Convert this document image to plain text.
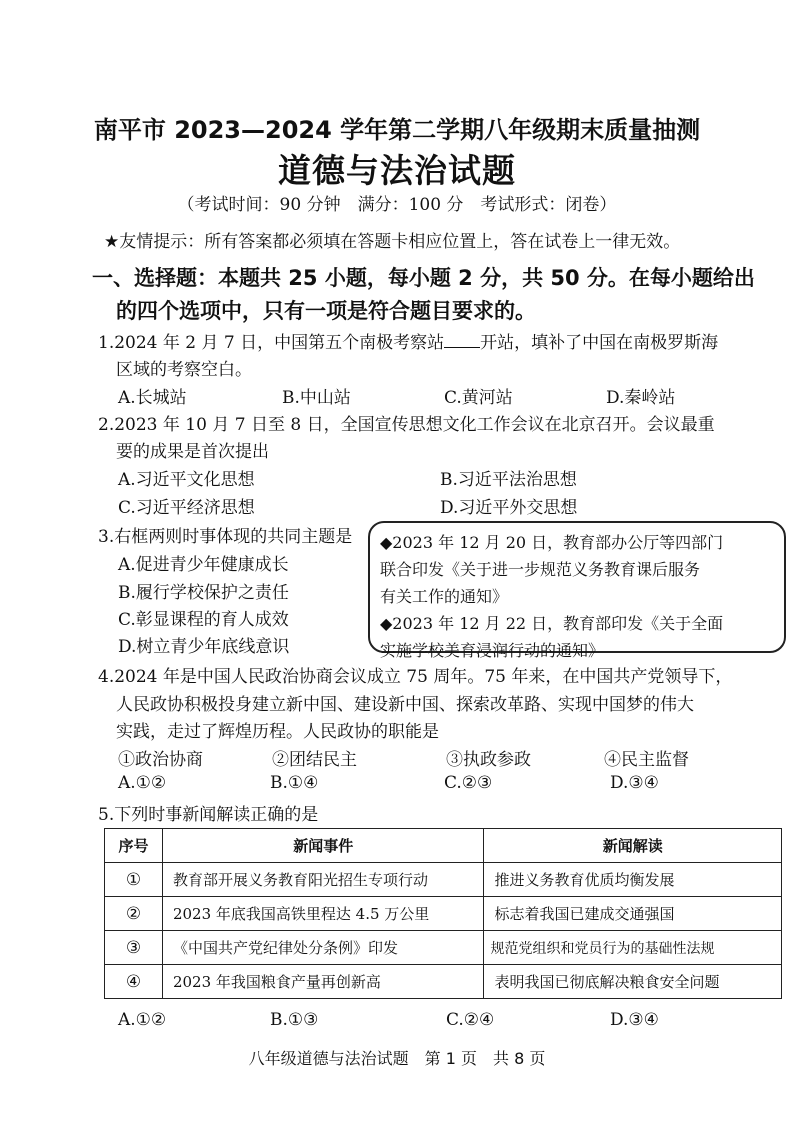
南平市 2023—2024 学年第二学期八年级期末质量抽测
道德与法治试题
（考试时间：90 分钟　满分：100 分　考试形式：闭卷）
★友情提示：所有答案都必须填在答题卡相应位置上，答在试卷上一律无效。
一、选择题：本题共 25 小题，每小题 2 分，共 50 分。在每小题给出
的四个选项中，只有一项是符合题目要求的。
1.2024 年 2 月 7 日，中国第五个南极考察站 开站，填补了中国在南极罗斯海
区域的考察空白。
A.长城站	B.中山站	C.黄河站	D.秦岭站
2.2023 年 10 月 7 日至 8 日，全国宣传思想文化工作会议在北京召开。会议最重
要的成果是首次提出
A.习近平文化思想	B.习近平法治思想
C.习近平经济思想	D.习近平外交思想
3.右框两则时事体现的共同主题是
A.促进青少年健康成长
B.履行学校保护之责任
C.彰显课程的育人成效
D.树立青少年底线意识
◆2023 年 12 月 20 日，教育部办公厅等四部门
联合印发《关于进一步规范义务教育课后服务
有关工作的通知》
◆2023 年 12 月 22 日，教育部印发《关于全面
实施学校美育浸润行动的通知》
4.2024 年是中国人民政治协商会议成立 75 周年。75 年来，在中国共产党领导下，
人民政协积极投身建立新中国、建设新中国、探索改革路、实现中国梦的伟大
实践，走过了辉煌历程。人民政协的职能是
①政治协商	②团结民主	③执政参政	④民主监督
A.①②	B.①④	C.②③	D.③④
5.下列时事新闻解读正确的是
序号	新闻事件	新闻解读
①	教育部开展义务教育阳光招生专项行动	推进义务教育优质均衡发展
②	2023 年底我国高铁里程达 4.5 万公里	标志着我国已建成交通强国
③	《中国共产党纪律处分条例》印发	规范党组织和党员行为的基础性法规
④	2023 年我国粮食产量再创新高	表明我国已彻底解决粮食安全问题
A.①②	B.①③	C.②④	D.③④
八年级道德与法治试题　第 1 页　共 8 页
